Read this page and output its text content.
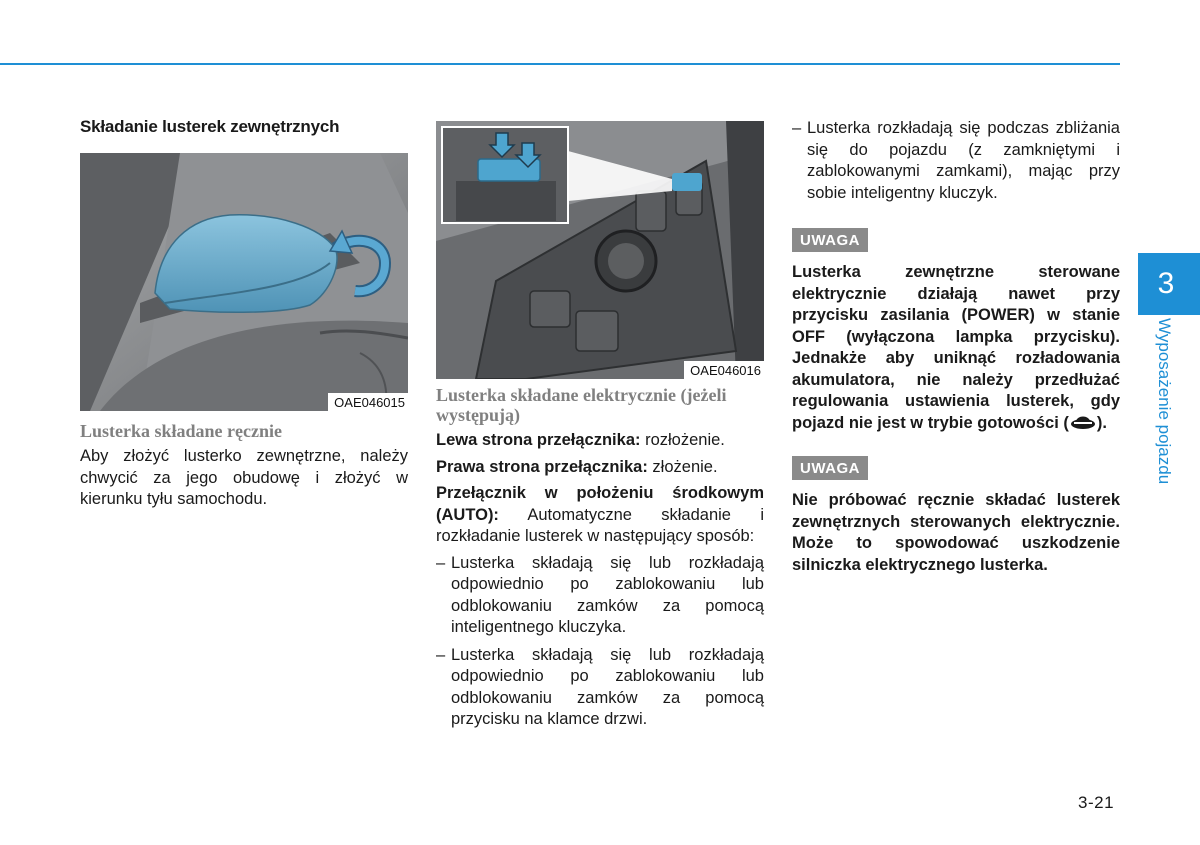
Składanie lusterek zewnętrznych
OAE046015
Lusterka składane ręcznie
Aby złożyć lusterko zewnętrzne, należy chwycić za jego obudowę i złożyć w kierunku tyłu samochodu.
OAE046016
Lusterka składane elektrycznie (jeżeli występują)

Lewa strona przełącznika: rozłożenie.

Prawa strona przełącznika: złożenie.

Przełącznik w położeniu środkowym (AUTO): Automatyczne składanie i rozkładanie lusterek w następujący sposób:

– Lusterka składają się lub rozkładają odpowiednio po zablokowaniu lub odblokowaniu zamków za pomocą inteligentnego kluczyka.
– Lusterka składają się lub rozkładają odpowiednio po zablokowaniu lub odblokowaniu zamków za pomocą przycisku na klamce drzwi.
– Lusterka rozkładają się podczas zbliżania się do pojazdu (z zamkniętymi i zablokowanymi zamkami), mając przy sobie inteligentny kluczyk.
UWAGA
Lusterka zewnętrzne sterowane elektrycznie działają nawet przy przycisku zasilania (POWER) w stanie OFF (wyłączona lampka przycisku). Jednakże aby uniknąć rozładowania akumulatora, nie należy przedłużać regulowania ustawienia lusterek, gdy pojazd nie jest w trybie gotowości ( ).
UWAGA
Nie próbować ręcznie składać lusterek zewnętrznych sterowanych elektrycznie. Może to spowodować uszkodzenie silniczka elektrycznego lusterka.
3
Wyposażenie pojazdu
3-21
